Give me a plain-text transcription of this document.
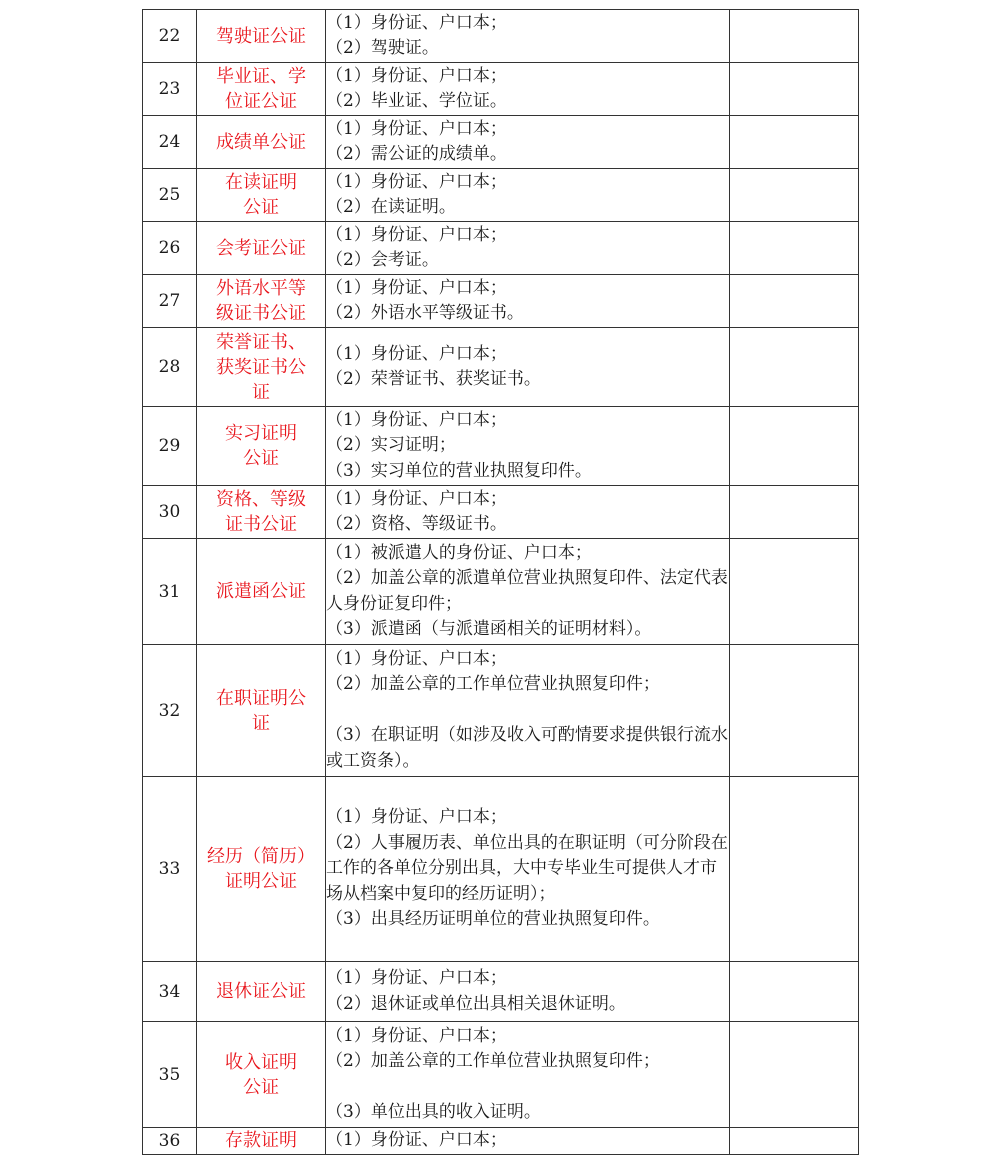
22	驾驶证公证	（1）身份证、户口本；
（2）驾驶证。	

23	毕业证、学
位证公证	（1）身份证、户口本；
（2）毕业证、学位证。	

24	成绩单公证	（1）身份证、户口本；
（2）需公证的成绩单。	

25	在读证明
公证	（1）身份证、户口本；
（2）在读证明。	

26	会考证公证	（1）身份证、户口本；
（2）会考证。	

27	外语水平等
级证书公证	（1）身份证、户口本；
（2）外语水平等级证书。	

28	荣誉证书、
获奖证书公
证	（1）身份证、户口本；
（2）荣誉证书、获奖证书。	

29	实习证明
公证	（1）身份证、户口本；
（2）实习证明；
（3）实习单位的营业执照复印件。	

30	资格、等级
证书公证	（1）身份证、户口本；
（2）资格、等级证书。	

31	派遣函公证	（1）被派遣人的身份证、户口本；
（2）加盖公章的派遣单位营业执照复印件、法定代表人身份证复印件；
（3）派遣函（与派遣函相关的证明材料）。	

32	在职证明公
证	（1）身份证、户口本；
（2）加盖公章的工作单位营业执照复印件；
（3）在职证明（如涉及收入可酌情要求提供银行流水或工资条）。	

33	经历（简历）
证明公证	（1）身份证、户口本；
（2）人事履历表、单位出具的在职证明（可分阶段在工作的各单位分别出具，大中专毕业生可提供人才市场从档案中复印的经历证明）；
（3）出具经历证明单位的营业执照复印件。	

34	退休证公证	（1）身份证、户口本；
（2）退休证或单位出具相关退休证明。	

35	收入证明
公证	（1）身份证、户口本；
（2）加盖公章的工作单位营业执照复印件；
（3）单位出具的收入证明。	

36	存款证明	（1）身份证、户口本；	
